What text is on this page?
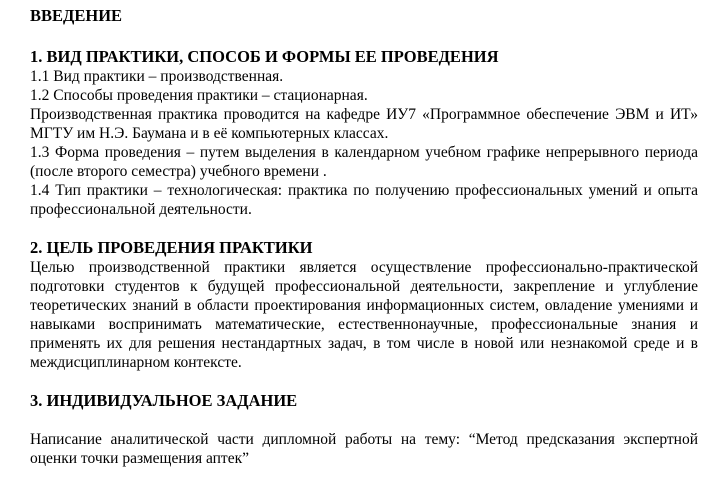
ВВЕДЕНИЕ

1. ВИД ПРАКТИКИ, СПОСОБ И ФОРМЫ ЕЕ ПРОВЕДЕНИЯ

1.1 Вид практики – производственная.

1.2 Способы проведения практики – стационарная.

Производственная практика проводится на кафедре ИУ7 «Программное обеспечение ЭВМ и ИТ» МГТУ им Н.Э. Баумана и в её компьютерных классах.

1.3 Форма проведения – путем выделения в календарном учебном графике непрерывного периода (после второго семестра) учебного времени .

1.4 Тип практики – технологическая: практика по получению профессиональных умений и опыта профессиональной деятельности.

2. ЦЕЛЬ ПРОВЕДЕНИЯ ПРАКТИКИ

Целью производственной практики является осуществление профессионально-практической подготовки студентов к будущей профессиональной деятельности, закрепление и углубление теоретических знаний в области проектирования информационных систем, овладение умениями и навыками воспринимать математические, естественнонаучные, профессиональные знания и применять их для решения нестандартных задач, в том числе в новой или незнакомой среде и в междисциплинарном контексте.

3. ИНДИВИДУАЛЬНОЕ ЗАДАНИЕ

Написание аналитической части дипломной работы на тему: “Метод предсказания экспертной оценки точки размещения аптек”
